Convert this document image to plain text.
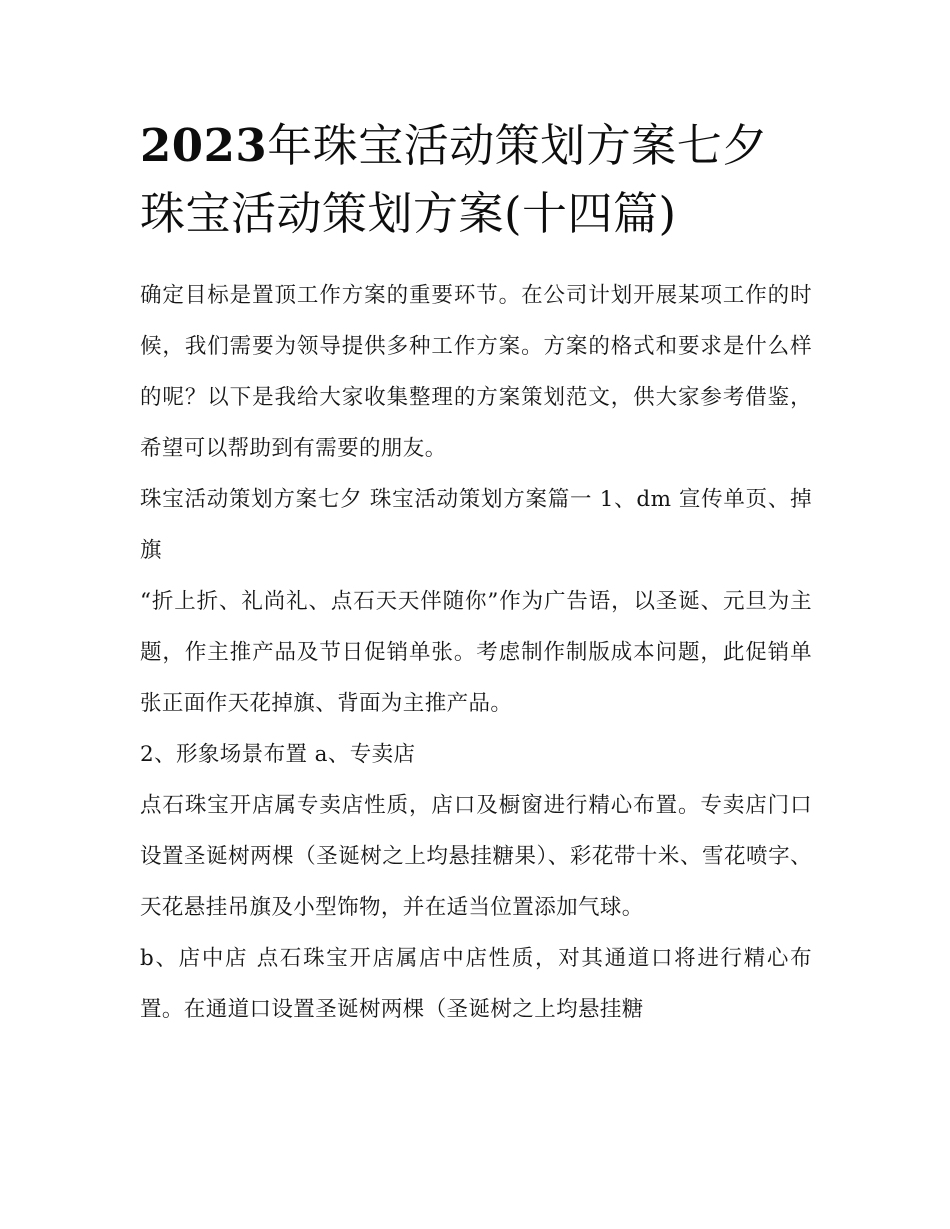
2023年珠宝活动策划方案七夕珠宝活动策划方案(十四篇)

确定目标是置顶工作方案的重要环节。在公司计划开展某项工作的时候，我们需要为领导提供多种工作方案。方案的格式和要求是什么样的呢？以下是我给大家收集整理的方案策划范文，供大家参考借鉴，希望可以帮助到有需要的朋友。

珠宝活动策划方案七夕 珠宝活动策划方案篇一 1、dm 宣传单页、掉旗

“折上折、礼尚礼、点石天天伴随你”作为广告语，以圣诞、元旦为主题，作主推产品及节日促销单张。考虑制作制版成本问题，此促销单张正面作天花掉旗、背面为主推产品。

2、形象场景布置 a、专卖店

点石珠宝开店属专卖店性质，店口及橱窗进行精心布置。专卖店门口设置圣诞树两棵（圣诞树之上均悬挂糖果）、彩花带十米、雪花喷字、天花悬挂吊旗及小型饰物，并在适当位置添加气球。

b、店中店 点石珠宝开店属店中店性质，对其通道口将进行精心布置。在通道口设置圣诞树两棵（圣诞树之上均悬挂糖
